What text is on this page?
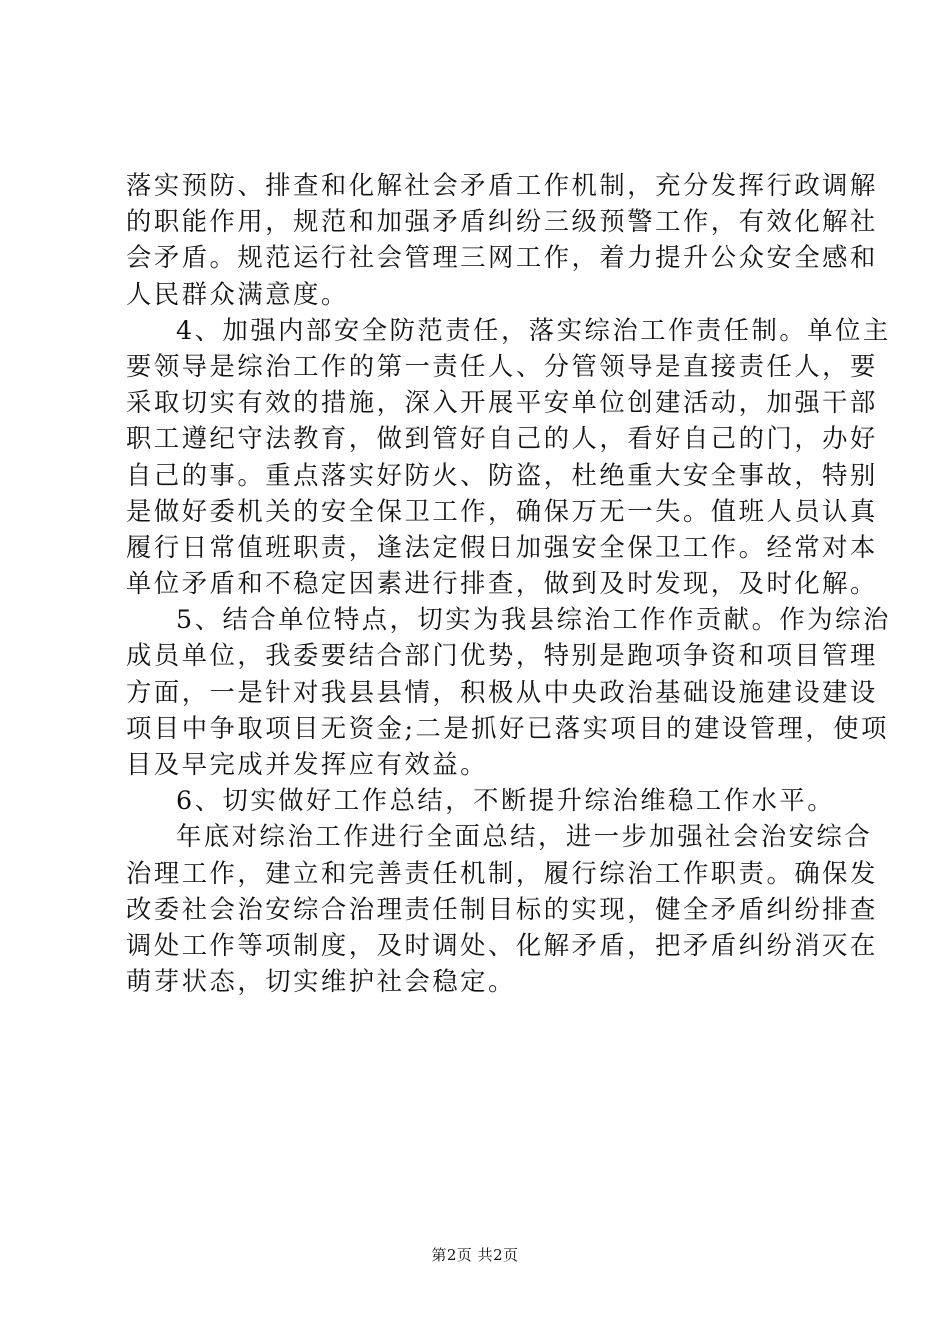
落实预防、排查和化解社会矛盾工作机制，充分发挥行政调解
的职能作用，规范和加强矛盾纠纷三级预警工作，有效化解社
会矛盾。规范运行社会管理三网工作，着力提升公众安全感和
人民群众满意度。
4、加强内部安全防范责任，落实综治工作责任制。单位主
要领导是综治工作的第一责任人、分管领导是直接责任人，要
采取切实有效的措施，深入开展平安单位创建活动，加强干部
职工遵纪守法教育，做到管好自己的人，看好自己的门，办好
自己的事。重点落实好防火、防盗，杜绝重大安全事故，特别
是做好委机关的安全保卫工作，确保万无一失。值班人员认真
履行日常值班职责，逢法定假日加强安全保卫工作。经常对本
单位矛盾和不稳定因素进行排查，做到及时发现，及时化解。
5、结合单位特点，切实为我县综治工作作贡献。作为综治
成员单位，我委要结合部门优势，特别是跑项争资和项目管理
方面，一是针对我县县情，积极从中央政治基础设施建设建设
项目中争取项目无资金;二是抓好已落实项目的建设管理，使项
目及早完成并发挥应有效益。
6、切实做好工作总结，不断提升综治维稳工作水平。
年底对综治工作进行全面总结，进一步加强社会治安综合
治理工作，建立和完善责任机制，履行综治工作职责。确保发
改委社会治安综合治理责任制目标的实现，健全矛盾纠纷排查
调处工作等项制度，及时调处、化解矛盾，把矛盾纠纷消灭在
萌芽状态，切实维护社会稳定。
第2页 共2页
